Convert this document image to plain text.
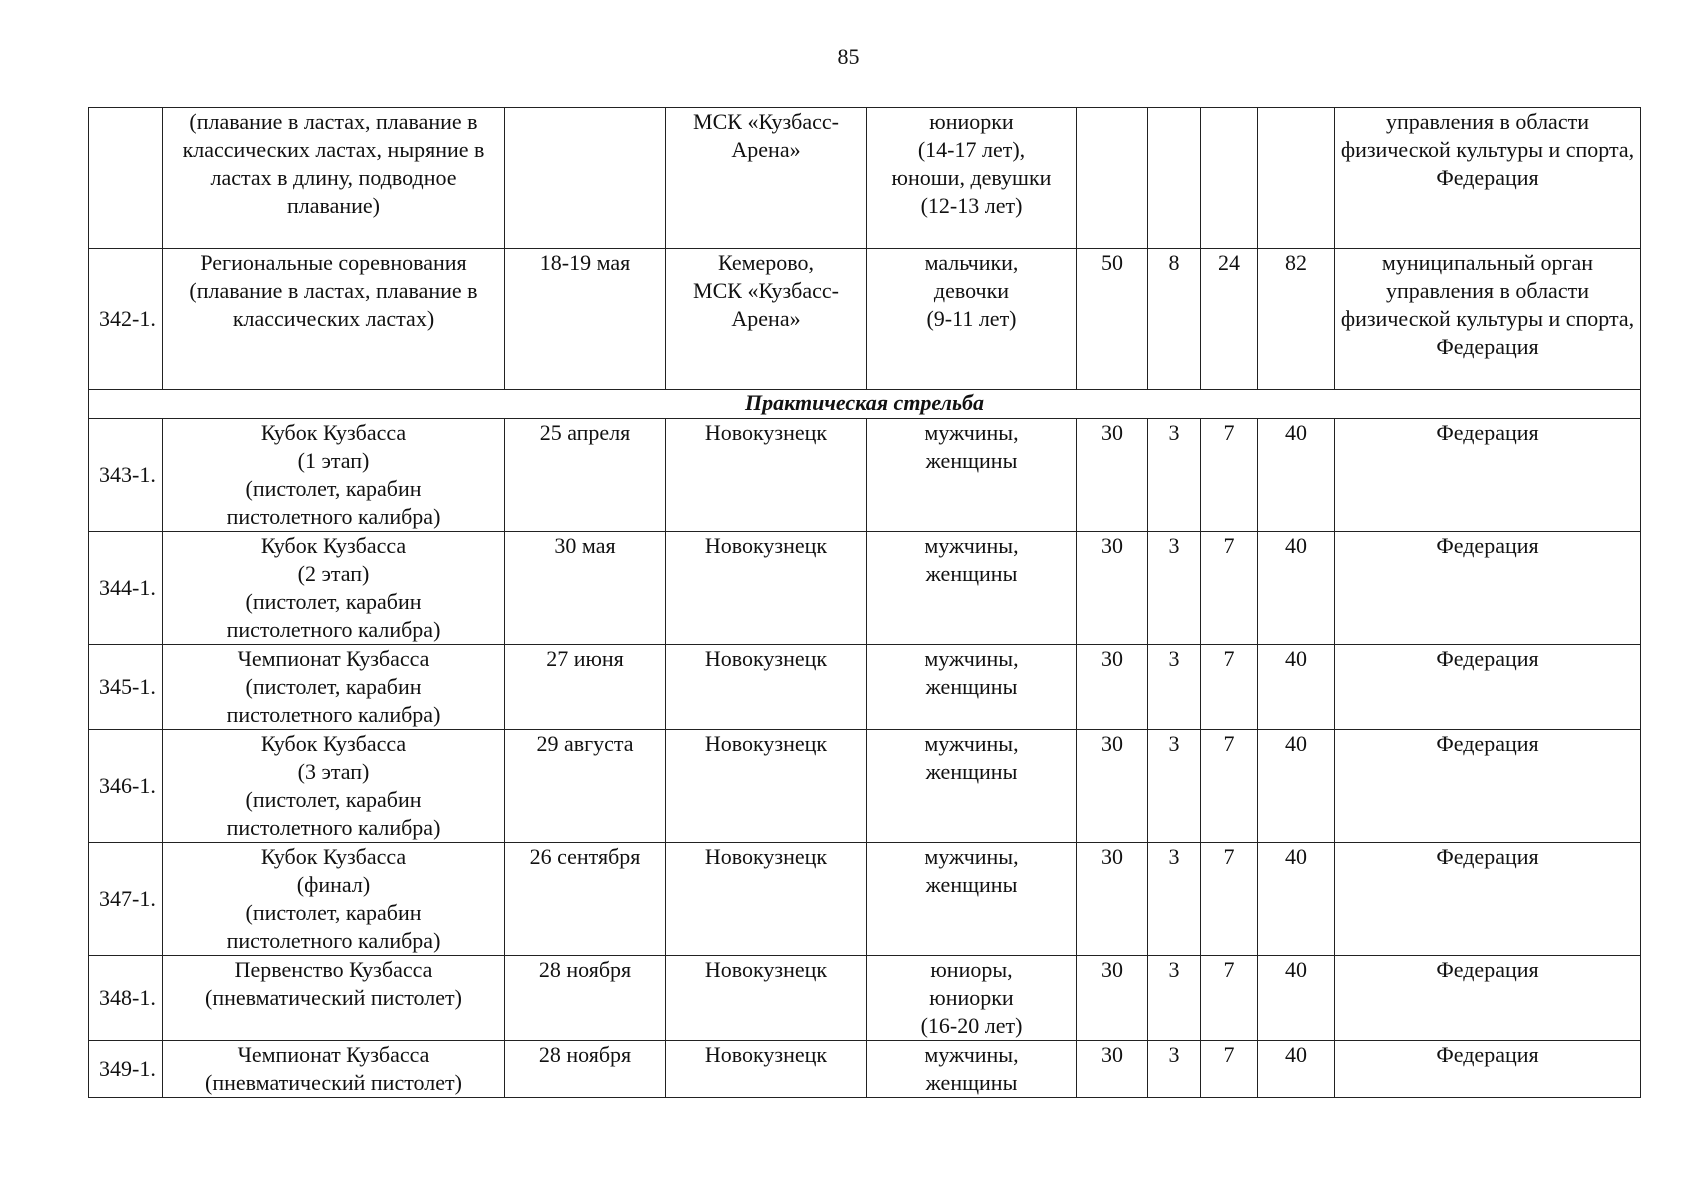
85
	(плавание в ластах, плавание в классических ластах, ныряние в ластах в длину, подводное плавание)		МСК «Кузбасс-Арена»	юниорки
(14-17 лет),
юноши, девушки
(12-13 лет)					управления в области физической культуры и спорта, Федерация
342-1.	Региональные соревнования (плавание в ластах, плавание в классических ластах)	18-19 мая	Кемерово,
МСК «Кузбасс-Арена»	мальчики,
девочки
(9-11 лет)	50	8	24	82	муниципальный орган управления в области физической культуры и спорта, Федерация
Практическая стрельба									
343-1.	Кубок Кузбасса
(1 этап)
(пистолет, карабин
пистолетного калибра)	25 апреля	Новокузнецк	мужчины,
женщины	30	3	7	40	Федерация
344-1.	Кубок Кузбасса
(2 этап)
(пистолет, карабин
пистолетного калибра)	30 мая	Новокузнецк	мужчины,
женщины	30	3	7	40	Федерация
345-1.	Чемпионат Кузбасса
(пистолет, карабин
пистолетного калибра)	27 июня	Новокузнецк	мужчины,
женщины	30	3	7	40	Федерация
346-1.	Кубок Кузбасса
(3 этап)
(пистолет, карабин
пистолетного калибра)	29 августа	Новокузнецк	мужчины,
женщины	30	3	7	40	Федерация
347-1.	Кубок Кузбасса
(финал)
(пистолет, карабин
пистолетного калибра)	26 сентября	Новокузнецк	мужчины,
женщины	30	3	7	40	Федерация
348-1.	Первенство Кузбасса
(пневматический пистолет)	28 ноября	Новокузнецк	юниоры,
юниорки
(16-20 лет)	30	3	7	40	Федерация
349-1.	Чемпионат Кузбасса
(пневматический пистолет)	28 ноября	Новокузнецк	мужчины,
женщины	30	3	7	40	Федерация
